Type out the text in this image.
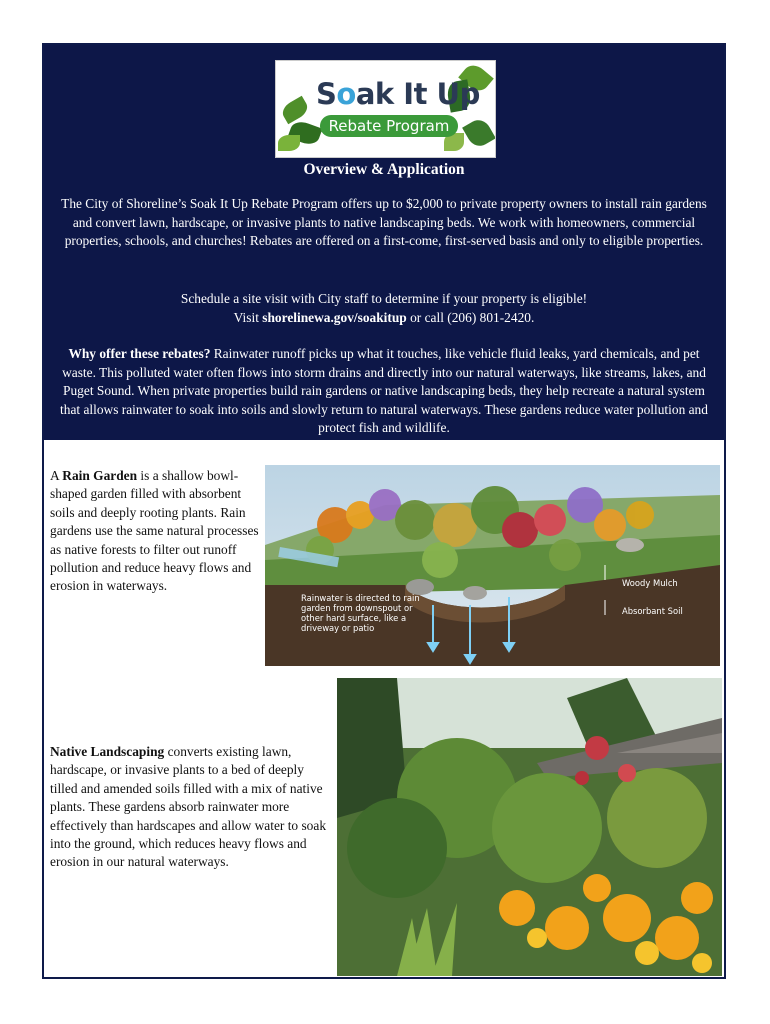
Soak It Up
Rebate Program
Overview & Application
The City of Shoreline’s Soak It Up Rebate Program offers up to $2,000 to private property owners to install rain gardens and convert lawn, hardscape, or invasive plants to native landscaping beds. We work with homeowners, commercial properties, schools, and churches! Rebates are offered on a first-come, first-served basis and only to eligible properties.
Schedule a site visit with City staff to determine if your property is eligible!
Visit shorelinewa.gov/soakitup or call (206) 801-2420.
Why offer these rebates? Rainwater runoff picks up what it touches, like vehicle fluid leaks, yard chemicals, and pet waste. This polluted water often flows into storm drains and directly into our natural waterways, like streams, lakes, and Puget Sound. When private properties build rain gardens or native landscaping beds, they help recreate a natural system that allows rainwater to soak into soils and slowly return to natural waterways. These gardens reduce water pollution and protect fish and wildlife.
A Rain Garden is a shallow bowl-shaped garden filled with absorbent soils and deeply rooting plants. Rain gardens use the same natural processes as native forests to filter out runoff pollution and reduce heavy flows and erosion in waterways.
Rainwater is directed to rain garden from downspout or other hard surface, like a driveway or patio
Woody Mulch
Absorbant Soil
Native Landscaping converts existing lawn, hardscape, or invasive plants to a bed of deeply tilled and amended soils filled with a mix of native plants. These gardens absorb rainwater more effectively than hardscapes and allow water to soak into the ground, which reduces heavy flows and erosion in our natural waterways.
